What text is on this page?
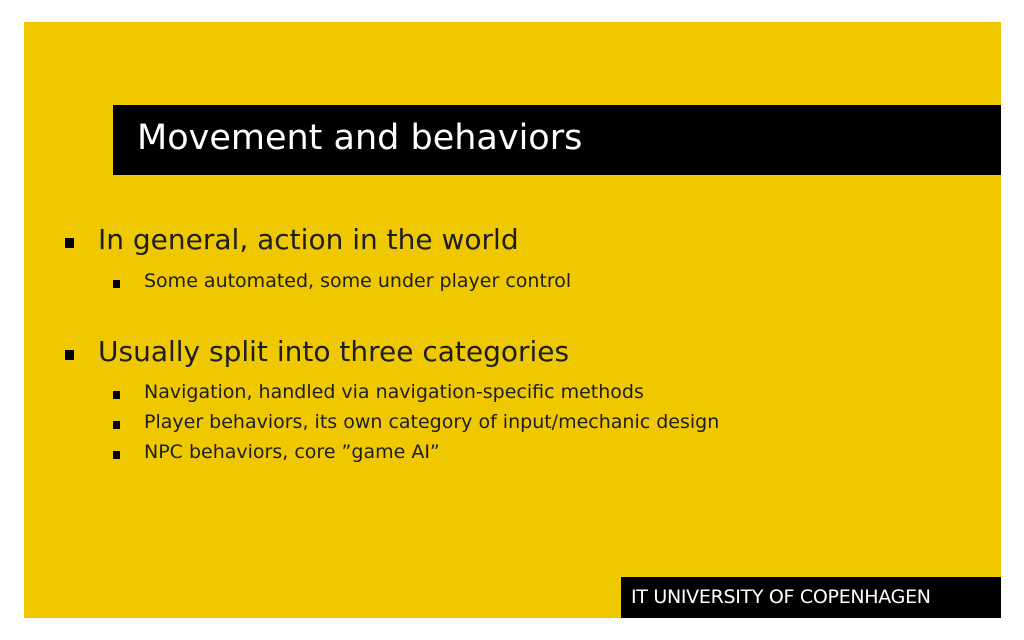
Movement and behaviors
In general, action in the world
Some automated, some under player control
Usually split into three categories
Navigation, handled via navigation-specific methods
Player behaviors, its own category of input/mechanic design
NPC behaviors, core ”game AI”
IT UNIVERSITY OF COPENHAGEN
